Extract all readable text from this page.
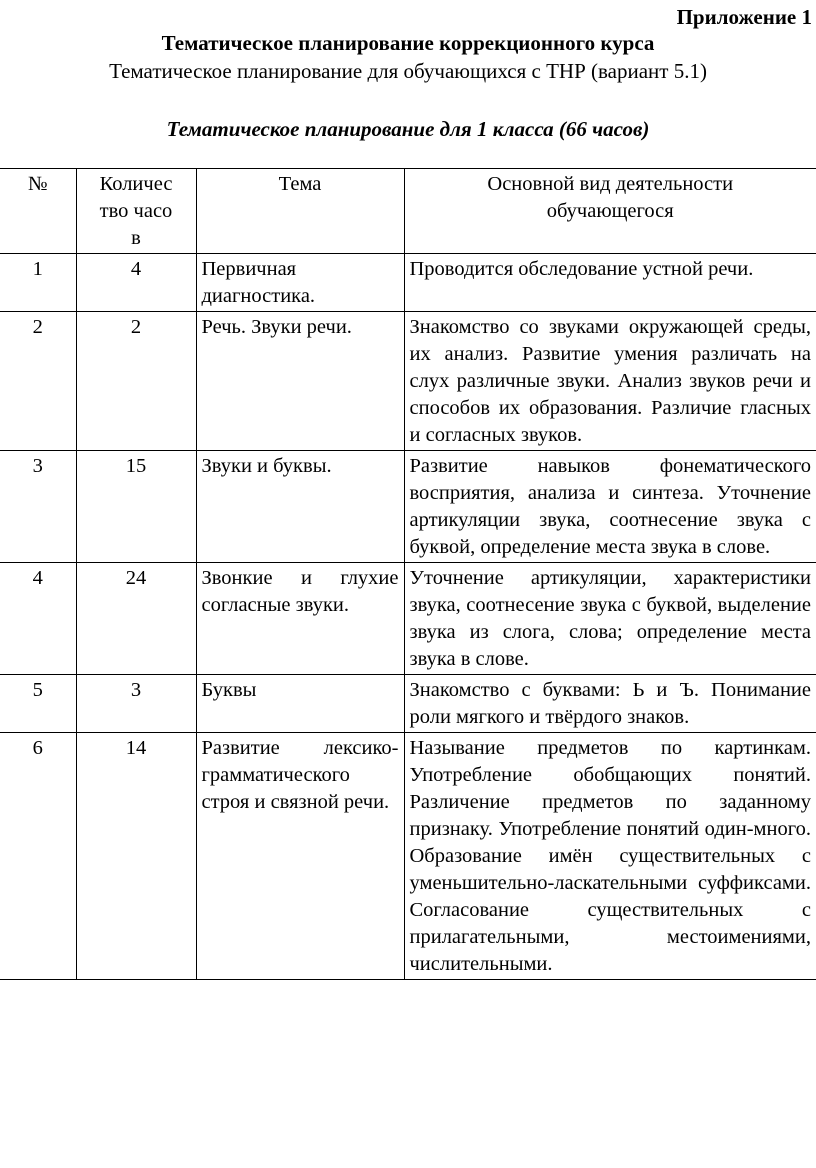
Приложение 1
Тематическое планирование коррекционного курса
Тематическое планирование для обучающихся с ТНР (вариант 5.1)
Тематическое планирование для 1 класса (66 часов)
№	Количество часов	Тема	Основной вид деятельности обучающегося
1	4	Первичная диагностика.	Проводится обследование устной речи.
2	2	Речь. Звуки речи.	Знакомство со звуками окружающей среды, их анализ. Развитие умения различать на слух различные звуки. Анализ звуков речи и способов их образования. Различие гласных и согласных звуков.
3	15	Звуки и буквы.	Развитие навыков фонематического восприятия, анализа и синтеза. Уточнение артикуляции звука, соотнесение звука с буквой, определение места звука в слове.
4	24	Звонкие и глухие согласные звуки.	Уточнение артикуляции, характеристики звука, соотнесение звука с буквой, выделение звука из слога, слова; определение места звука в слове.
5	3	Буквы	Знакомство с буквами: Ь и Ъ. Понимание роли мягкого и твёрдого знаков.
6	14	Развитие лексико-грамматического строя и связной речи.	Называние предметов по картинкам. Употребление обобщающих понятий. Различение предметов по заданному признаку. Употребление понятий один-много. Образование имён существительных с уменьшительно-ласкательными суффиксами. Согласование существительных с прилагательными, местоимениями, числительными.
